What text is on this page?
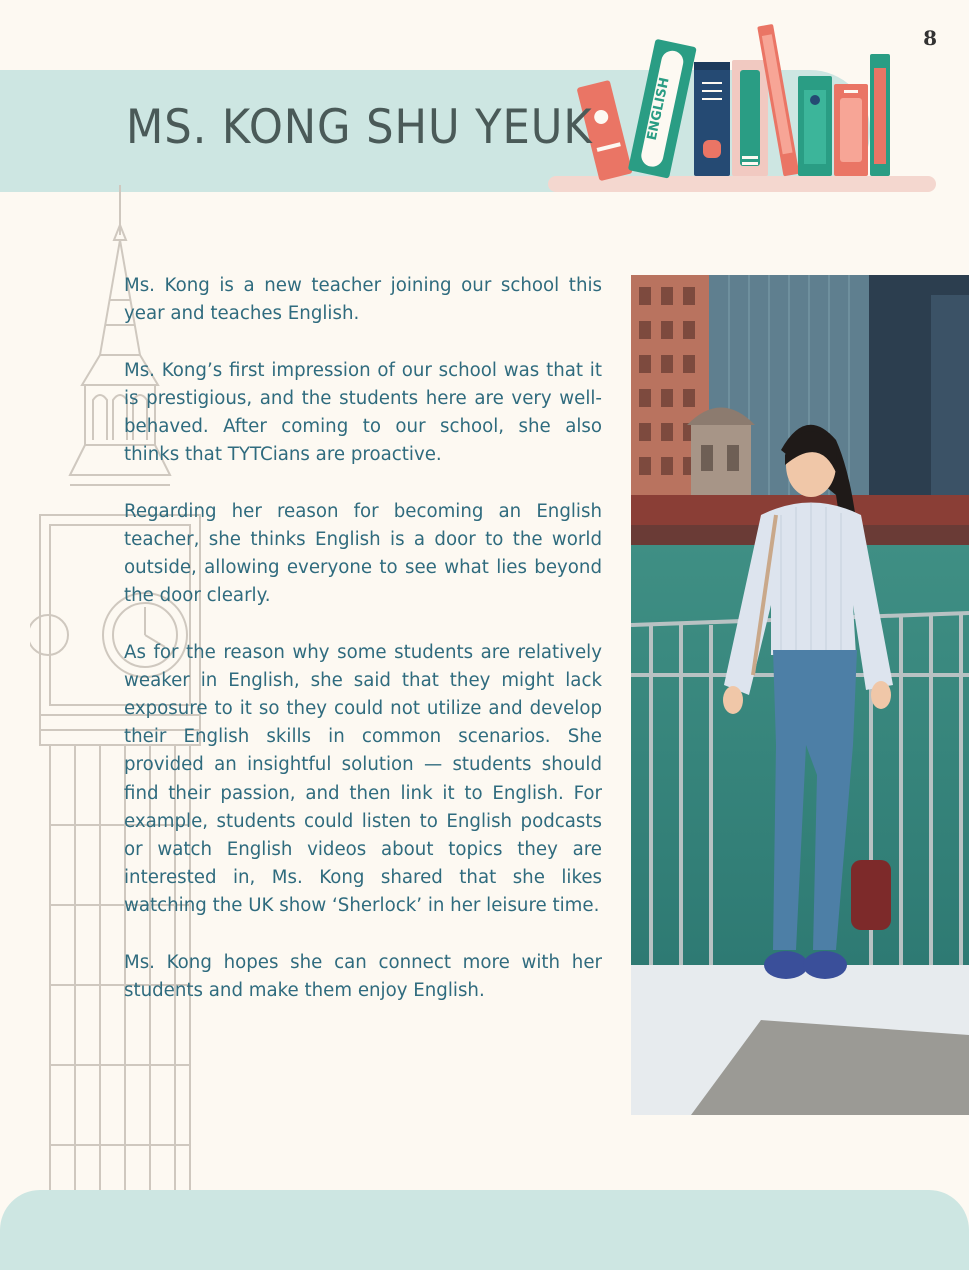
8
ENGLISH
MS. KONG SHU YEUK

Ms. Kong is a new teacher joining our school this year and teaches English.

Ms. Kong’s first impression of our school was that it is prestigious, and the students here are very well-behaved. After coming to our school, she also thinks that TYTCians are proactive.

Regarding her reason for becoming an English teacher, she thinks English is a door to the world outside, allowing everyone to see what lies beyond the door clearly.

As for the reason why some students are relatively weaker in English, she said that they might lack exposure to it so they could not utilize and develop their English skills in common scenarios. She provided an insightful solution — students should find their passion, and then link it to English. For example, students could listen to English podcasts or watch English videos about topics they are interested in, Ms. Kong shared that she likes watching the UK show ‘Sherlock’ in her leisure time.

Ms. Kong hopes she can connect more with her students and make them enjoy English.
